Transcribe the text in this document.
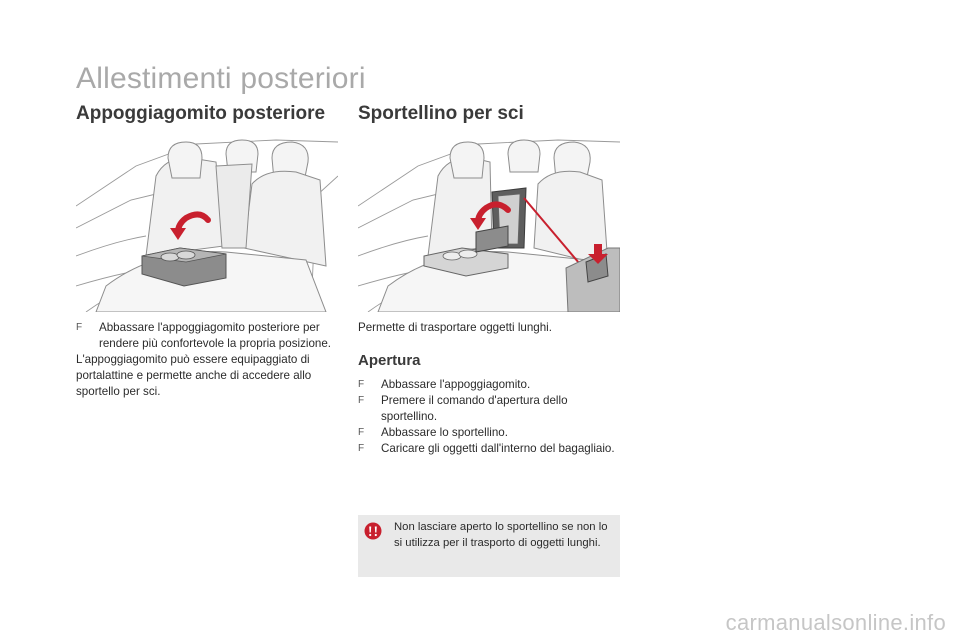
Allestimenti posteriori
Appoggiagomito posteriore Sportellino per sci
F	Abbassare l'appoggiagomito posteriore per rendere più confortevole la propria posizione.
L'appoggiagomito può essere equipaggiato di portalattine e permette anche di accedere allo sportello per sci.
Permette di trasportare oggetti lunghi.
Apertura
F	Abbassare l'appoggiagomito.
F	Premere il comando d'apertura dello sportellino.
F	Abbassare lo sportellino.
F	Caricare gli oggetti dall'interno del bagagliaio.
Non lasciare aperto lo sportellino se non lo si utilizza per il trasporto di oggetti lunghi.
carmanualsonline.info
